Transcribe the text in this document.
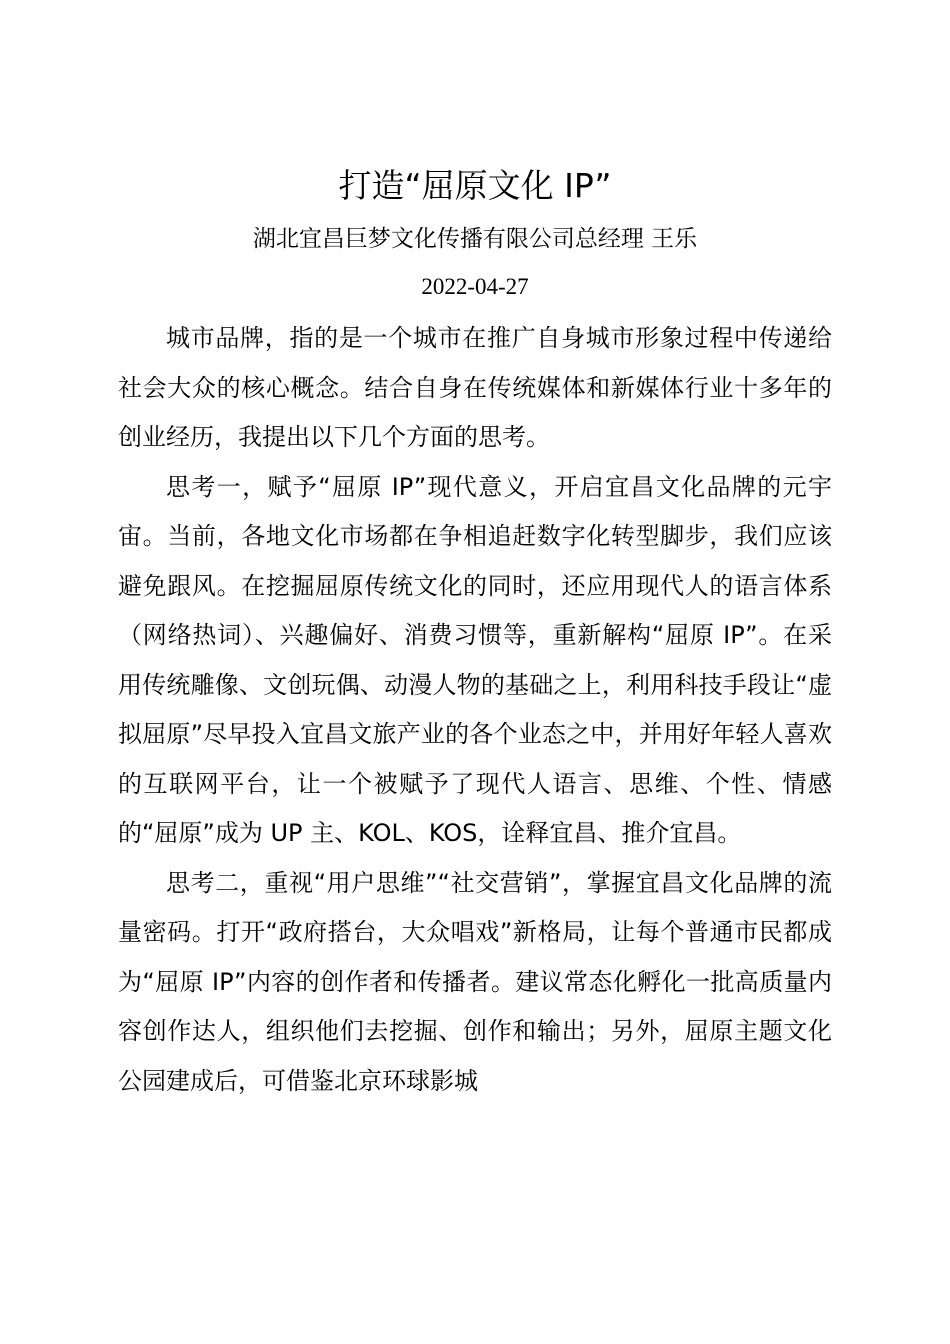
打造“屈原文化 IP”

湖北宜昌巨梦文化传播有限公司总经理 王乐

2022-04-27

城市品牌，指的是一个城市在推广自身城市形象过程中传递给社会大众的核心概念。结合自身在传统媒体和新媒体行业十多年的创业经历，我提出以下几个方面的思考。

思考一，赋予“屈原 IP”现代意义，开启宜昌文化品牌的元宇宙。当前，各地文化市场都在争相追赶数字化转型脚步，我们应该避免跟风。在挖掘屈原传统文化的同时，还应用现代人的语言体系（网络热词）、兴趣偏好、消费习惯等，重新解构“屈原 IP”。在采用传统雕像、文创玩偶、动漫人物的基础之上，利用科技手段让“虚拟屈原”尽早投入宜昌文旅产业的各个业态之中，并用好年轻人喜欢的互联网平台，让一个被赋予了现代人语言、思维、个性、情感的“屈原”成为 UP 主、KOL、KOS，诠释宜昌、推介宜昌。

思考二，重视“用户思维”“社交营销”，掌握宜昌文化品牌的流量密码。打开“政府搭台，大众唱戏”新格局，让每个普通市民都成为“屈原 IP”内容的创作者和传播者。建议常态化孵化一批高质量内容创作达人，组织他们去挖掘、创作和输出；另外，屈原主题文化公园建成后，可借鉴北京环球影城
